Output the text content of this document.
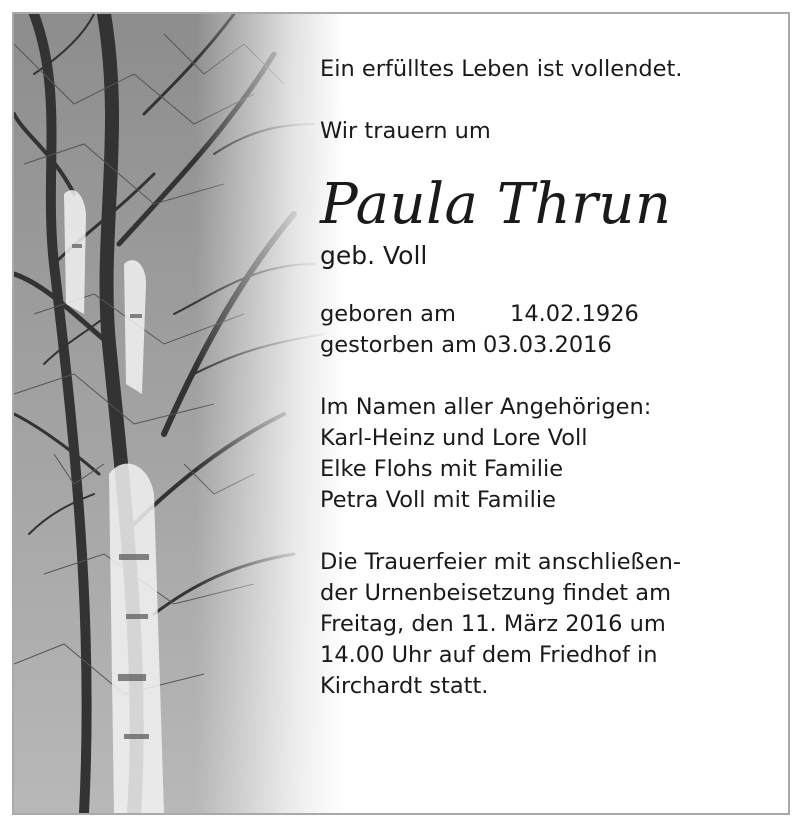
Ein erfülltes Leben ist vollendet.

Wir trauern um

Paula Thrun

geb. Voll

geboren am 14.02.1926

gestorben am 03.03.2016

Im Namen aller Angehörigen:

Karl-Heinz und Lore Voll

Elke Flohs mit Familie

Petra Voll mit Familie

Die Trauerfeier mit anschließen-

der Urnenbeisetzung findet am

Freitag, den 11. März 2016 um

14.00 Uhr auf dem Friedhof in

Kirchardt statt.
